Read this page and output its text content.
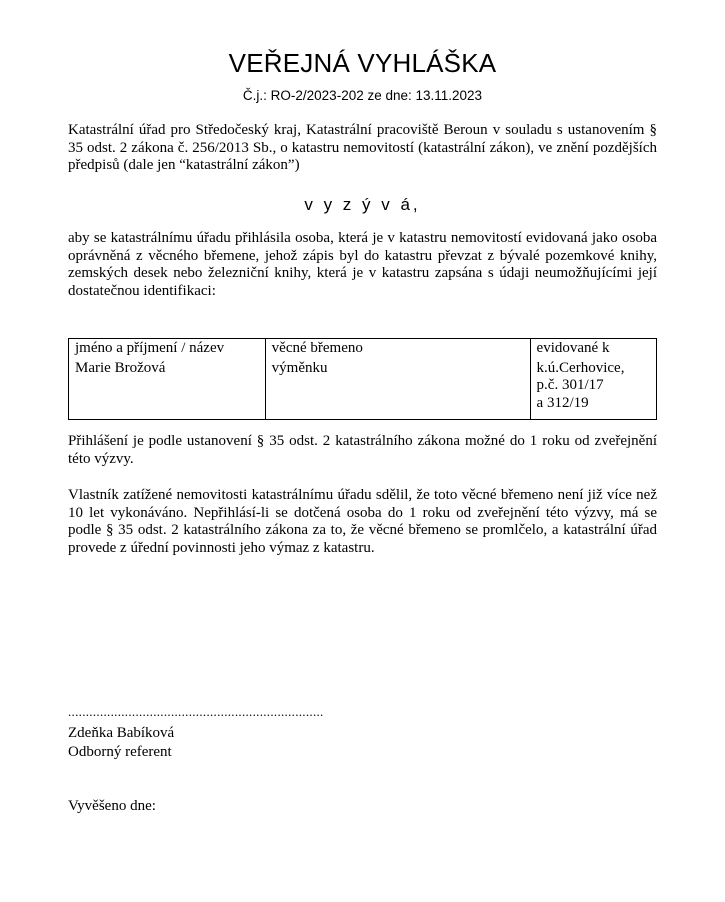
VEŘEJNÁ VYHLÁŠKA
Č.j.: RO-2/2023-202 ze dne: 13.11.2023

Katastrální úřad pro Středočeský kraj, Katastrální pracoviště Beroun v souladu s ustanovením § 35 odst. 2 zákona č. 256/2013 Sb., o katastru nemovitostí (katastrální zákon), ve znění pozdějších předpisů (dale jen “katastrální zákon”)

v y z ý v á,

aby se katastrálnímu úřadu přihlásila osoba, která je v katastru nemovitostí evidovaná jako osoba oprávněná z věcného břemene, jehož zápis byl do katastru převzat z bývalé pozemkové knihy, zemských desek nebo železniční knihy, která je v katastru zapsána s údaji neumožňujícími její dostatečnou identifikaci:

jméno a příjmení / název	věcné břemeno	evidované k
Marie Brožová	výměnku	k.ú.Cerhovice,
p.č. 301/17
a 312/19

Přihlášení je podle ustanovení § 35 odst. 2 katastrálního zákona možné do 1 roku od zveřejnění této výzvy.

Vlastník zatížené nemovitosti katastrálnímu úřadu sdělil, že toto věcné břemeno není již více než 10 let vykonáváno. Nepřihlásí-li se dotčená osoba do 1 roku od zveřejnění této výzvy, má se podle § 35 odst. 2 katastrálního zákona za to, že věcné břemeno se promlčelo, a katastrální úřad provede z úřední povinnosti jeho výmaz z katastru.

........................................................................
Zdeňka Babíková
Odborný referent
Vyvěšeno dne:
